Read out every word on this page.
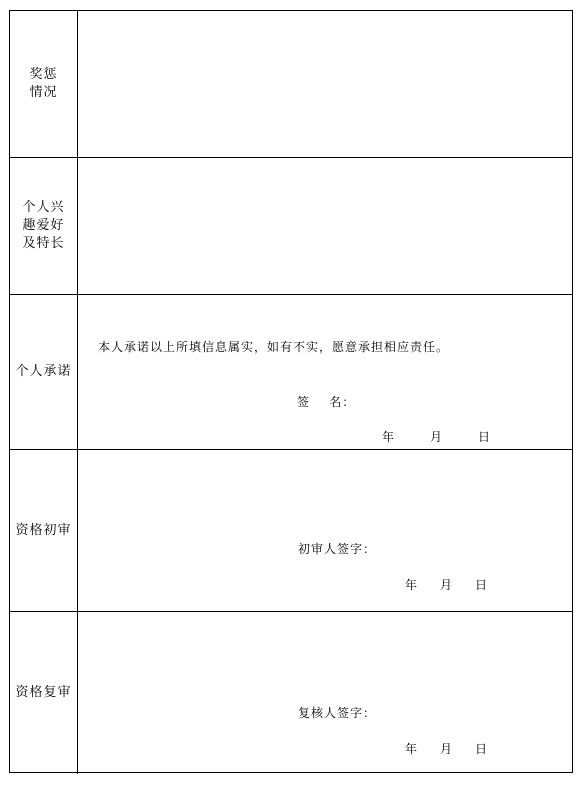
奖惩
情况
个人兴
趣爱好
及特长
个人承诺
本人承诺以上所填信息属实，如有不实，愿意承担相应责任。
签    名：
年	月	日
资格初审
初审人签字：
年 月 日
资格复审
复核人签字：
年 月 日
